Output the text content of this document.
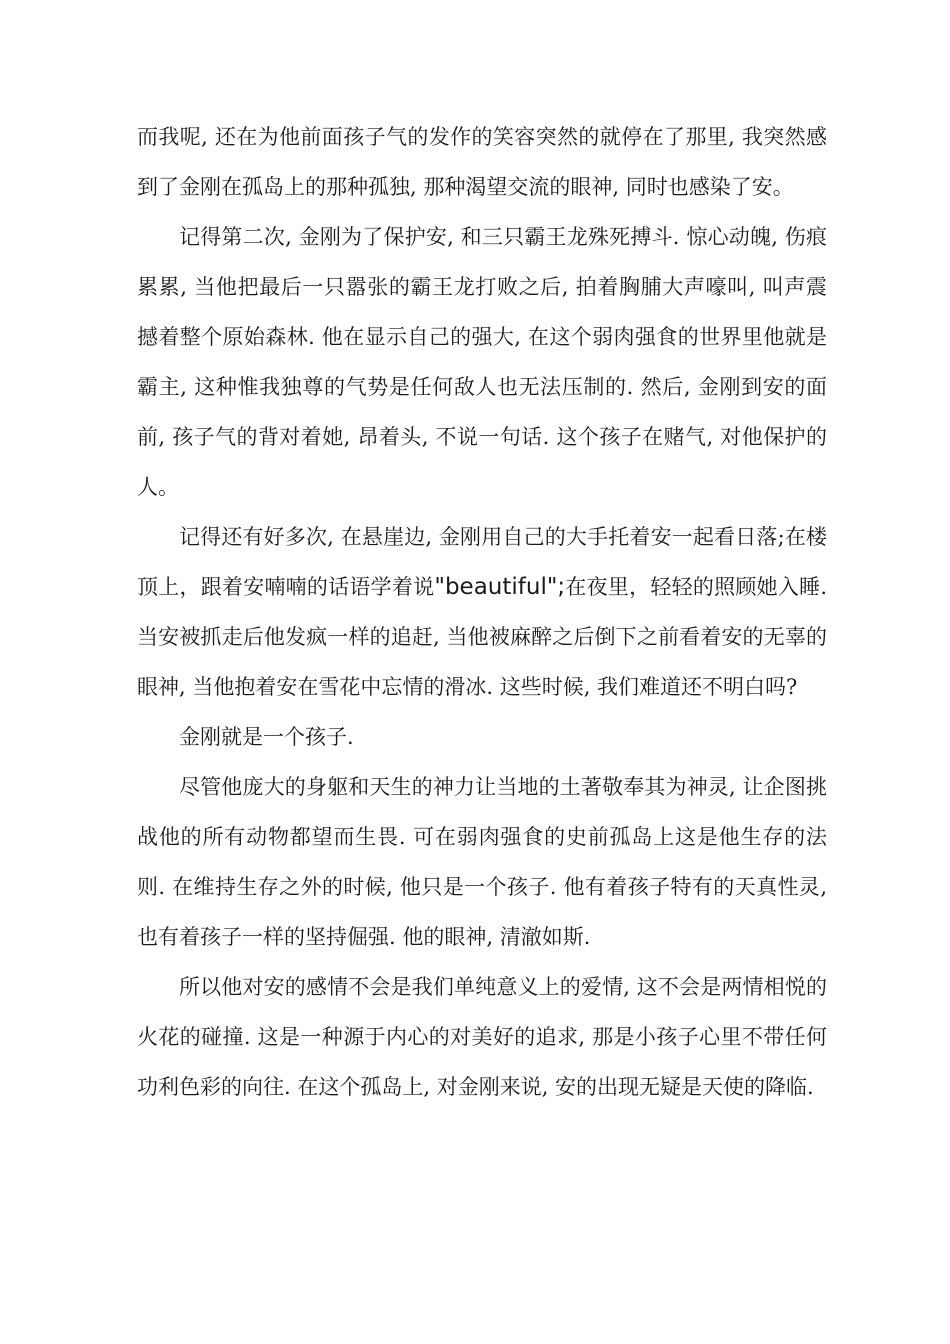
而我呢, 还在为他前面孩子气的发作的笑容突然的就停在了那里, 我突然感到了金刚在孤岛上的那种孤独, 那种渴望交流的眼神, 同时也感染了安。

记得第二次, 金刚为了保护安, 和三只霸王龙殊死搏斗. 惊心动魄, 伤痕累累, 当他把最后一只嚣张的霸王龙打败之后, 拍着胸脯大声嚎叫, 叫声震撼着整个原始森林. 他在显示自己的强大, 在这个弱肉强食的世界里他就是霸主, 这种惟我独尊的气势是任何敌人也无法压制的. 然后, 金刚到安的面前, 孩子气的背对着她, 昂着头, 不说一句话. 这个孩子在赌气, 对他保护的人。

记得还有好多次, 在悬崖边, 金刚用自己的大手托着安一起看日落;在楼顶上，跟着安喃喃的话语学着说"beautiful";在夜里，轻轻的照顾她入睡. 当安被抓走后他发疯一样的追赶, 当他被麻醉之后倒下之前看着安的无辜的眼神, 当他抱着安在雪花中忘情的滑冰. 这些时候, 我们难道还不明白吗?

金刚就是一个孩子.

尽管他庞大的身躯和天生的神力让当地的土著敬奉其为神灵, 让企图挑战他的所有动物都望而生畏. 可在弱肉强食的史前孤岛上这是他生存的法则. 在维持生存之外的时候, 他只是一个孩子. 他有着孩子特有的天真性灵, 也有着孩子一样的坚持倔强. 他的眼神, 清澈如斯.

所以他对安的感情不会是我们单纯意义上的爱情, 这不会是两情相悦的火花的碰撞. 这是一种源于内心的对美好的追求, 那是小孩子心里不带任何功利色彩的向往. 在这个孤岛上, 对金刚来说, 安的出现无疑是天使的降临.
